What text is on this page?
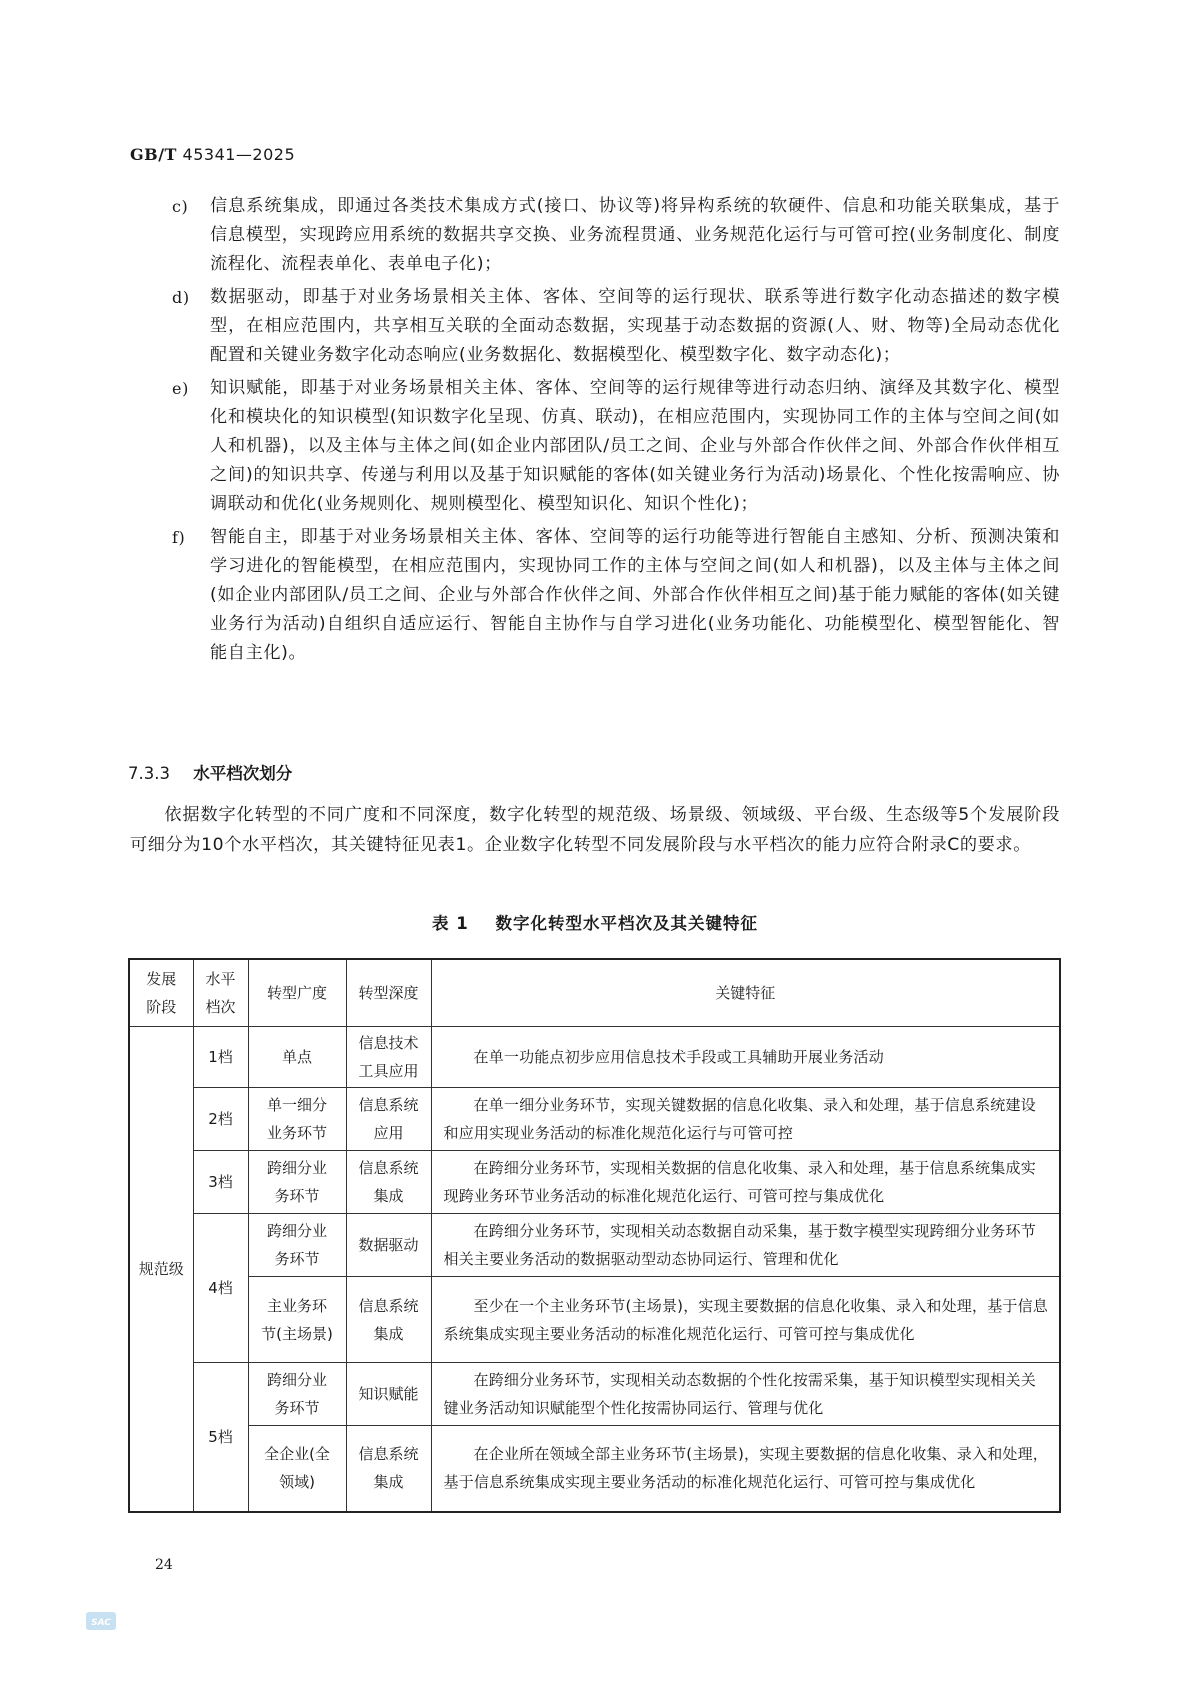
GB/T 45341—2025
c) 信息系统集成，即通过各类技术集成方式(接口、协议等)将异构系统的软硬件、信息和功能关联集成，基于信息模型，实现跨应用系统的数据共享交换、业务流程贯通、业务规范化运行与可管可控(业务制度化、制度流程化、流程表单化、表单电子化)；
d) 数据驱动，即基于对业务场景相关主体、客体、空间等的运行现状、联系等进行数字化动态描述的数字模型，在相应范围内，共享相互关联的全面动态数据，实现基于动态数据的资源(人、财、物等)全局动态优化配置和关键业务数字化动态响应(业务数据化、数据模型化、模型数字化、数字动态化)；
e) 知识赋能，即基于对业务场景相关主体、客体、空间等的运行规律等进行动态归纳、演绎及其数字化、模型化和模块化的知识模型(知识数字化呈现、仿真、联动)，在相应范围内，实现协同工作的主体与空间之间(如人和机器)，以及主体与主体之间(如企业内部团队/员工之间、企业与外部合作伙伴之间、外部合作伙伴相互之间)的知识共享、传递与利用以及基于知识赋能的客体(如关键业务行为活动)场景化、个性化按需响应、协调联动和优化(业务规则化、规则模型化、模型知识化、知识个性化)；
f) 智能自主，即基于对业务场景相关主体、客体、空间等的运行功能等进行智能自主感知、分析、预测决策和学习进化的智能模型，在相应范围内，实现协同工作的主体与空间之间(如人和机器)，以及主体与主体之间(如企业内部团队/员工之间、企业与外部合作伙伴之间、外部合作伙伴相互之间)基于能力赋能的客体(如关键业务行为活动)自组织自适应运行、智能自主协作与自学习进化(业务功能化、功能模型化、模型智能化、智能自主化)。
7.3.3 水平档次划分

依据数字化转型的不同广度和不同深度，数字化转型的规范级、场景级、领域级、平台级、生态级等5个发展阶段可细分为10个水平档次，其关键特征见表1。企业数字化转型不同发展阶段与水平档次的能力应符合附录C的要求。

表 1 数字化转型水平档次及其关键特征
发展阶段	水平档次	转型广度	转型深度	关键特征
规范级	1档	单点	信息技术工具应用	在单一功能点初步应用信息技术手段或工具辅助开展业务活动
	2档	单一细分业务环节	信息系统应用	在单一细分业务环节，实现关键数据的信息化收集、录入和处理，基于信息系统建设和应用实现业务活动的标准化规范化运行与可管可控
	3档	跨细分业务环节	信息系统集成	在跨细分业务环节，实现相关数据的信息化收集、录入和处理，基于信息系统集成实现跨业务环节业务活动的标准化规范化运行、可管可控与集成优化
	4档	跨细分业务环节	数据驱动	在跨细分业务环节，实现相关动态数据自动采集，基于数字模型实现跨细分业务环节相关主要业务活动的数据驱动型动态协同运行、管理和优化
		主业务环节(主场景)	信息系统集成	至少在一个主业务环节(主场景)，实现主要数据的信息化收集、录入和处理，基于信息系统集成实现主要业务活动的标准化规范化运行、可管可控与集成优化
	5档	跨细分业务环节	知识赋能	在跨细分业务环节，实现相关动态数据的个性化按需采集，基于知识模型实现相关关键业务活动知识赋能型个性化按需协同运行、管理与优化
		全企业(全领域)	信息系统集成	在企业所在领域全部主业务环节(主场景)，实现主要数据的信息化收集、录入和处理，基于信息系统集成实现主要业务活动的标准化规范化运行、可管可控与集成优化
24
SAC
